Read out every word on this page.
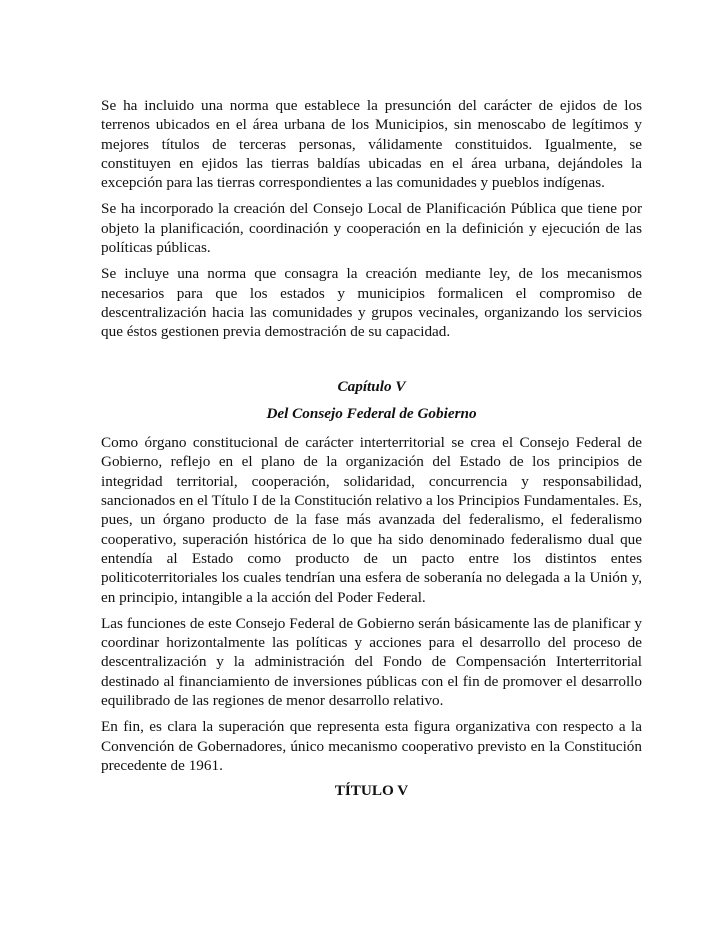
Se ha incluido una norma que establece la presunción del carácter de ejidos de los terrenos ubicados en el área urbana de los Municipios, sin menoscabo de legítimos y mejores títulos de terceras personas, válidamente constituidos. Igualmente, se constituyen en ejidos las tierras baldías ubicadas en el área urbana, dejándoles la excepción para las tierras correspondientes a las comunidades y pueblos indígenas.

Se ha incorporado la creación del Consejo Local de Planificación Pública que tiene por objeto la planificación, coordinación y cooperación en la definición y ejecución de las políticas públicas.

Se incluye una norma que consagra la creación mediante ley, de los mecanismos necesarios para que los estados y municipios formalicen el compromiso de descentralización hacia las comunidades y grupos vecinales, organizando los servicios que éstos gestionen previa demostración de su capacidad.

Capítulo V
Del Consejo Federal de Gobierno

Como órgano constitucional de carácter interterritorial se crea el Consejo Federal de Gobierno, reflejo en el plano de la organización del Estado de los principios de integridad territorial, cooperación, solidaridad, concurrencia y responsabilidad, sancionados en el Título I de la Constitución relativo a los Principios Fundamentales. Es, pues, un órgano producto de la fase más avanzada del federalismo, el federalismo cooperativo, superación histórica de lo que ha sido denominado federalismo dual que entendía al Estado como producto de un pacto entre los distintos entes politicoterritoriales los cuales tendrían una esfera de soberanía no delegada a la Unión y, en principio, intangible a la acción del Poder Federal.

Las funciones de este Consejo Federal de Gobierno serán básicamente las de planificar y coordinar horizontalmente las políticas y acciones para el desarrollo del proceso de descentralización y la administración del Fondo de Compensación Interterritorial destinado al financiamiento de inversiones públicas con el fin de promover el desarrollo equilibrado de las regiones de menor desarrollo relativo.

En fin, es clara la superación que representa esta figura organizativa con respecto a la Convención de Gobernadores, único mecanismo cooperativo previsto en la Constitución precedente de 1961.

TÍTULO V
